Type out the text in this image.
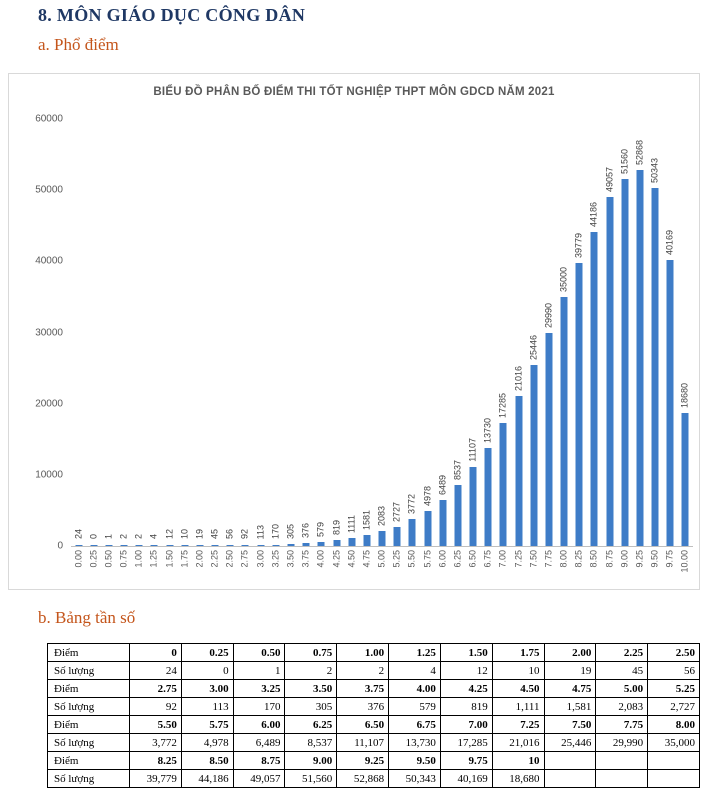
8. MÔN GIÁO DỤC CÔNG DÂN
a. Phổ điểm
BIỂU ĐỒ PHÂN BỐ ĐIỂM THI TỐT NGHIỆP THPT MÔN GDCD NĂM 2021
0
10000
20000
30000
40000
50000
60000
24
0.00
0
0.25
1
0.50
2
0.75
2
1.00
4
1.25
12
1.50
10
1.75
19
2.00
45
2.25
56
2.50
92
2.75
113
3.00
170
3.25
305
3.50
376
3.75
579
4.00
819
4.25
1111
4.50
1581
4.75
2083
5.00
2727
5.25
3772
5.50
4978
5.75
6489
6.00
8537
6.25
11107
6.50
13730
6.75
17285
7.00
21016
7.25
25446
7.50
29990
7.75
35000
8.00
39779
8.25
44186
8.50
49057
8.75
51560
9.00
52868
9.25
50343
9.50
40169
9.75
18680
10.00
b. Bảng tần số
Điểm	0	0.25	0.50	0.75	1.00	1.25	1.50	1.75	2.00	2.25	2.50
Số lượng	24	0	1	2	2	4	12	10	19	45	56
Điểm	2.75	3.00	3.25	3.50	3.75	4.00	4.25	4.50	4.75	5.00	5.25
Số lượng	92	113	170	305	376	579	819	1,111	1,581	2,083	2,727
Điểm	5.50	5.75	6.00	6.25	6.50	6.75	7.00	7.25	7.50	7.75	8.00
Số lượng	3,772	4,978	6,489	8,537	11,107	13,730	17,285	21,016	25,446	29,990	35,000
Điểm	8.25	8.50	8.75	9.00	9.25	9.50	9.75	10			
Số lượng	39,779	44,186	49,057	51,560	52,868	50,343	40,169	18,680			
